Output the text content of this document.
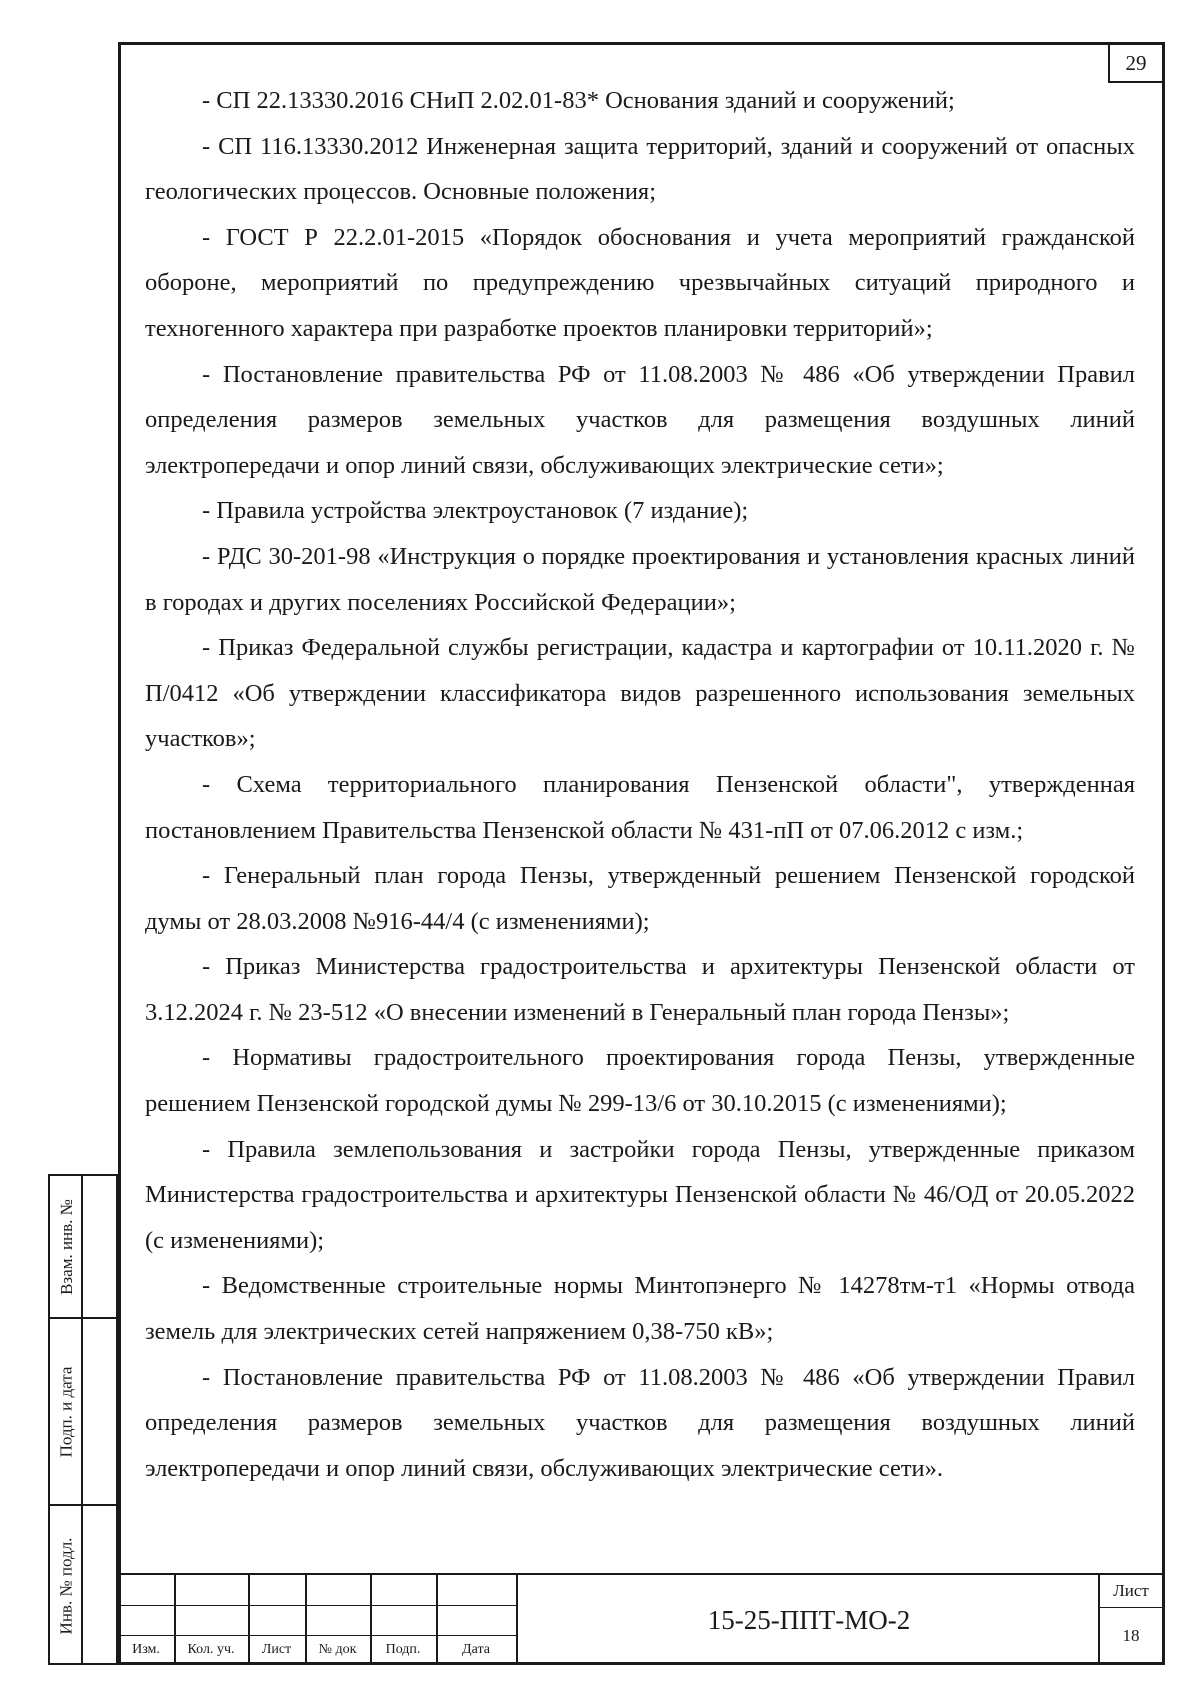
29

- СП 22.13330.2016 СНиП 2.02.01-83* Основания зданий и сооружений;

- СП 116.13330.2012 Инженерная защита территорий, зданий и сооружений от опасных геологических процессов. Основные положения;

- ГОСТ Р 22.2.01-2015 «Порядок обоснования и учета мероприятий гражданской обороне, мероприятий по предупреждению чрезвычайных ситуаций природного и техногенного характера при разработке проектов планировки территорий»;

- Постановление правительства РФ от 11.08.2003 № 486 «Об утверждении Правил определения размеров земельных участков для размещения воздушных линий электропередачи и опор линий связи, обслуживающих электрические сети»;

- Правила устройства электроустановок (7 издание);

- РДС 30-201-98 «Инструкция о порядке проектирования и установления красных линий в городах и других поселениях Российской Федерации»;

- Приказ Федеральной службы регистрации, кадастра и картографии от 10.11.2020 г. № П/0412 «Об утверждении классификатора видов разрешенного использования земельных участков»;

- Схема территориального планирования Пензенской области", утвержденная постановлением Правительства Пензенской области № 431-пП от 07.06.2012 с изм.;

- Генеральный план города Пензы, утвержденный решением Пензенской городской думы от 28.03.2008 №916-44/4 (с изменениями);

- Приказ Министерства градостроительства и архитектуры Пензенской области от 3.12.2024 г. № 23-512 «О внесении изменений в Генеральный план города Пензы»;

- Нормативы градостроительного проектирования города Пензы, утвержденные решением Пензенской городской думы № 299-13/6 от 30.10.2015 (с изменениями);

- Правила землепользования и застройки города Пензы, утвержденные приказом Министерства градостроительства и архитектуры Пензенской области № 46/ОД от 20.05.2022 (с изменениями);

- Ведомственные строительные нормы Минтопэнерго № 14278тм-т1 «Нормы отвода земель для электрических сетей напряжением 0,38-750 кВ»;

- Постановление правительства РФ от 11.08.2003 № 486 «Об утверждении Правил определения размеров земельных участков для размещения воздушных линий электропередачи и опор линий связи, обслуживающих электрические сети».

Взам. инв. №
Подп. и дата
Инв. № подл.
Изм.	Кол. уч.	Лист	№ док	Подп.	Дата
15-25-ППТ-МО-2
Лист
18
